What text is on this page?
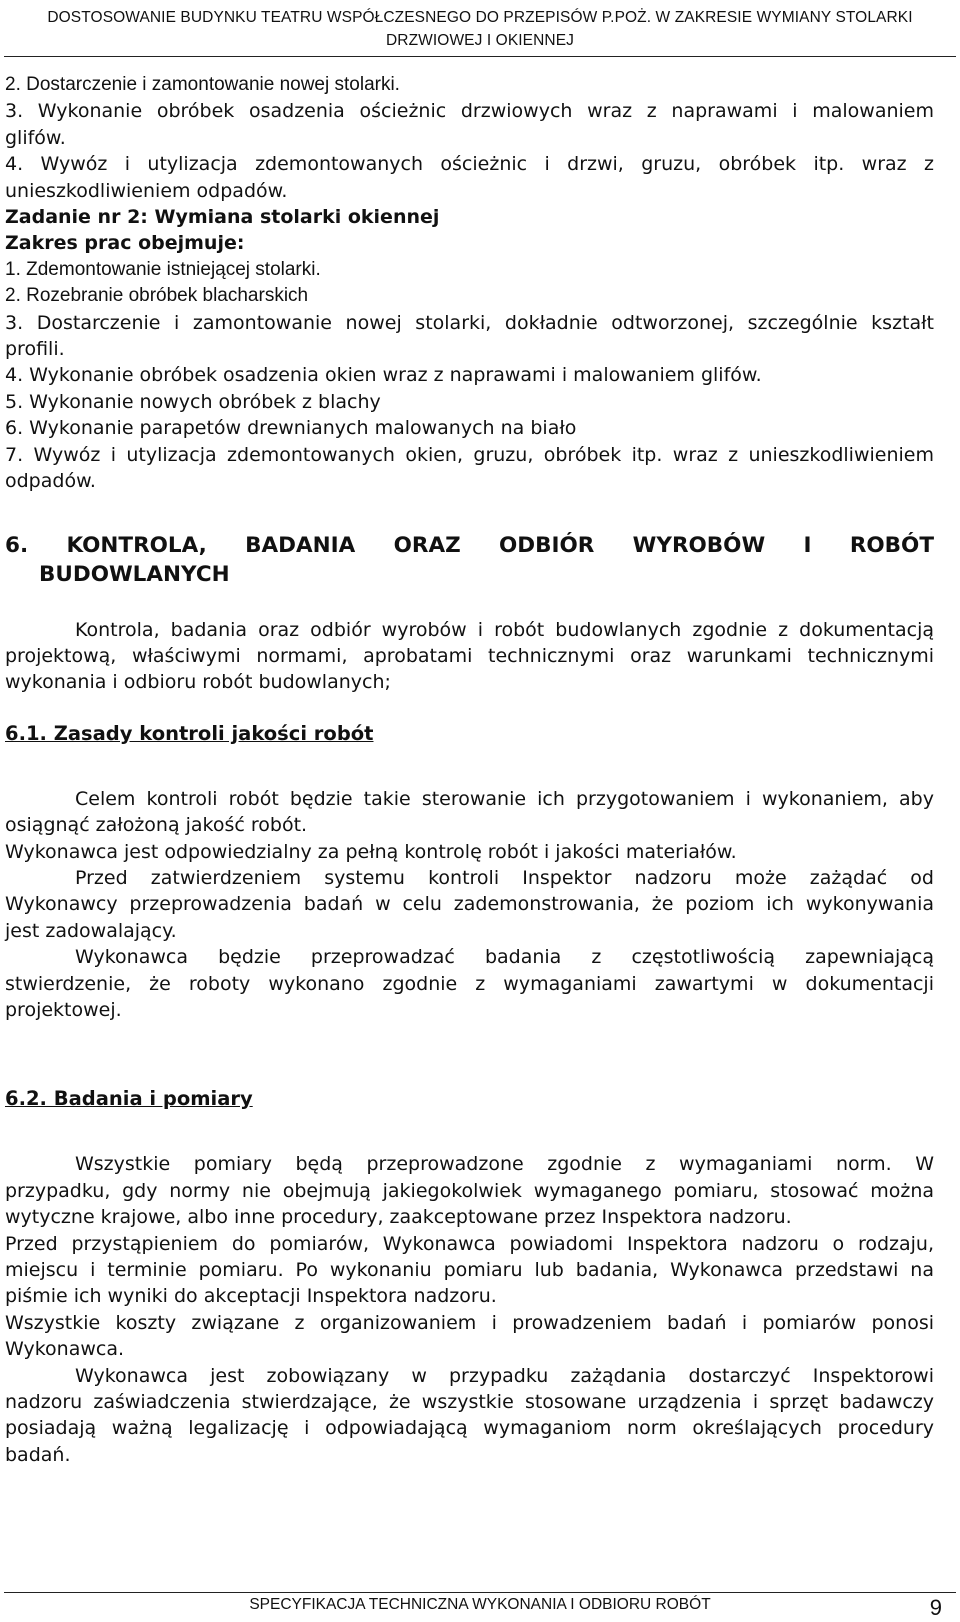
DOSTOSOWANIE BUDYNKU TEATRU WSPÓŁCZESNEGO DO PRZEPISÓW P.POŻ. W ZAKRESIE WYMIANY STOLARKI
DRZWIOWEJ I OKIENNEJ
2. Dostarczenie i zamontowanie nowej stolarki.
3. Wykonanie obróbek osadzenia ościeżnic drzwiowych wraz z naprawami i malowaniem
glifów.
4. Wywóz i utylizacja zdemontowanych ościeżnic i drzwi, gruzu, obróbek itp. wraz z
unieszkodliwieniem odpadów.
Zadanie nr 2: Wymiana stolarki okiennej
Zakres prac obejmuje:
1. Zdemontowanie istniejącej stolarki.
2. Rozebranie obróbek blacharskich
3. Dostarczenie i zamontowanie nowej stolarki, dokładnie odtworzonej, szczególnie kształt
profili.
4. Wykonanie obróbek osadzenia okien wraz z naprawami i malowaniem glifów.
5. Wykonanie nowych obróbek z blachy
6. Wykonanie parapetów drewnianych malowanych na biało
7. Wywóz i utylizacja zdemontowanych okien, gruzu, obróbek itp. wraz z unieszkodliwieniem
odpadów.
6. KONTROLA, BADANIA ORAZ ODBIÓR WYROBÓW I ROBÓT
BUDOWLANYCH
Kontrola, badania oraz odbiór wyrobów i robót budowlanych zgodnie z dokumentacją
projektową, właściwymi normami, aprobatami technicznymi oraz warunkami technicznymi
wykonania i odbioru robót budowlanych;
6.1. Zasady kontroli jakości robót
Celem kontroli robót będzie takie sterowanie ich przygotowaniem i wykonaniem, aby
osiągnąć założoną jakość robót.
Wykonawca jest odpowiedzialny za pełną kontrolę robót i jakości materiałów.
Przed zatwierdzeniem systemu kontroli Inspektor nadzoru może zażądać od
Wykonawcy przeprowadzenia badań w celu zademonstrowania, że poziom ich wykonywania
jest zadowalający.
Wykonawca będzie przeprowadzać badania z częstotliwością zapewniającą
stwierdzenie, że roboty wykonano zgodnie z wymaganiami zawartymi w dokumentacji
projektowej.
6.2. Badania i pomiary
Wszystkie pomiary będą przeprowadzone zgodnie z wymaganiami norm. W
przypadku, gdy normy nie obejmują jakiegokolwiek wymaganego pomiaru, stosować można
wytyczne krajowe, albo inne procedury, zaakceptowane przez Inspektora nadzoru.
Przed przystąpieniem do pomiarów, Wykonawca powiadomi Inspektora nadzoru o rodzaju,
miejscu i terminie pomiaru. Po wykonaniu pomiaru lub badania, Wykonawca przedstawi na
piśmie ich wyniki do akceptacji Inspektora nadzoru.
Wszystkie koszty związane z organizowaniem i prowadzeniem badań i pomiarów ponosi
Wykonawca.
Wykonawca jest zobowiązany w przypadku zażądania dostarczyć Inspektorowi
nadzoru zaświadczenia stwierdzające, że wszystkie stosowane urządzenia i sprzęt badawczy
posiadają ważną legalizację i odpowiadającą wymaganiom norm określających procedury
badań.
SPECYFIKACJA TECHNICZNA WYKONANIA I ODBIORU ROBÓT	9
